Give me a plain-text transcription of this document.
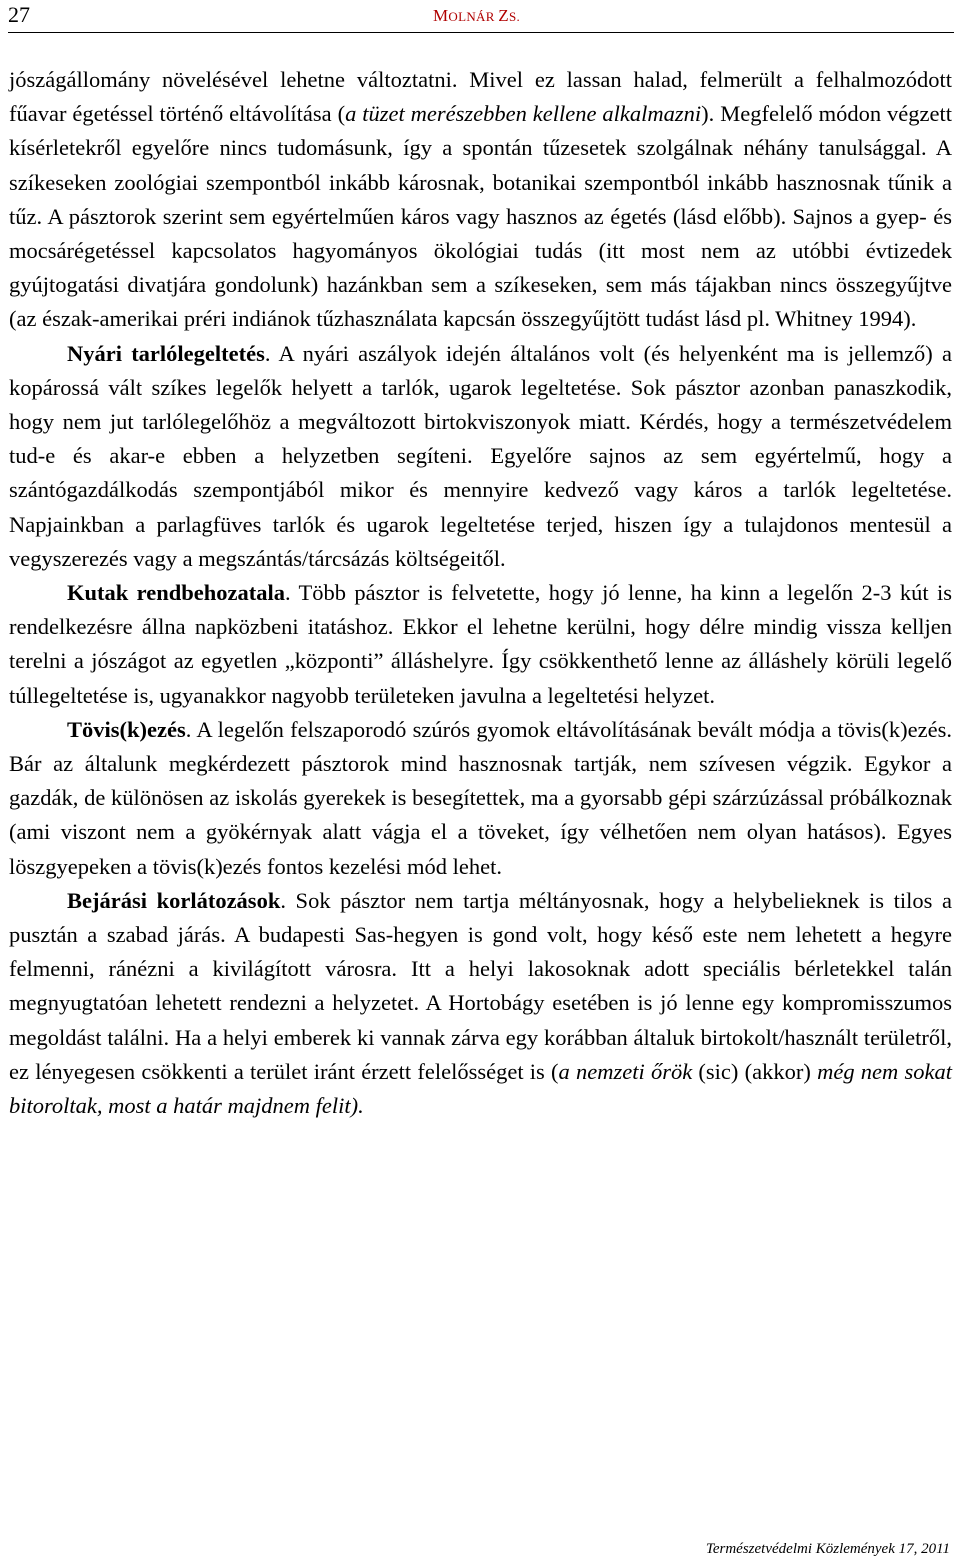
27	MOLNÁR ZS.

jószágállomány növelésével lehetne változtatni. Mivel ez lassan halad, felmerült a felhalmozódott fűavar égetéssel történő eltávolítása (a tüzet merészebben kellene alkalmazni). Megfelelő módon végzett kísérletekről egyelőre nincs tudomásunk, így a spontán tűzesetek szolgálnak néhány tanulsággal. A szíkeseken zoológiai szempontból inkább károsnak, botanikai szempontból inkább hasznosnak tűnik a tűz. A pásztorok szerint sem egyértelműen káros vagy hasznos az égetés (lásd előbb). Sajnos a gyep- és mocsárégetéssel kapcsolatos hagyományos ökológiai tudás (itt most nem az utóbbi évtizedek gyújtogatási divatjára gondolunk) hazánkban sem a szíkeseken, sem más tájakban nincs összegyűjtve (az észak-amerikai préri indiánok tűzhasználata kapcsán összegyűjtött tudást lásd pl. Whitney 1994).

Nyári tarlólegeltetés. A nyári aszályok idején általános volt (és helyenként ma is jellemző) a kopárossá vált szíkes legelők helyett a tarlók, ugarok legeltetése. Sok pásztor azonban panaszkodik, hogy nem jut tarlólegelőhöz a megváltozott birtokviszonyok miatt. Kérdés, hogy a természetvédelem tud-e és akar-e ebben a helyzetben segíteni. Egyelőre sajnos az sem egyértelmű, hogy a szántógazdálkodás szempontjából mikor és mennyire kedvező vagy káros a tarlók legeltetése. Napjainkban a parlagfüves tarlók és ugarok legeltetése terjed, hiszen így a tulajdonos mentesül a vegyszerezés vagy a megszántás/tárcsázás költségeitől.

Kutak rendbehozatala. Több pásztor is felvetette, hogy jó lenne, ha kinn a legelőn 2-3 kút is rendelkezésre állna napközbeni itatáshoz. Ekkor el lehetne kerülni, hogy délre mindig vissza kelljen terelni a jószágot az egyetlen „központi” álláshelyre. Így csökkenthető lenne az álláshely körüli legelő túllegeltetése is, ugyanakkor nagyobb területeken javulna a legeltetési helyzet.

Tövis(k)ezés. A legelőn felszaporodó szúrós gyomok eltávolításának bevált módja a tövis(k)ezés. Bár az általunk megkérdezett pásztorok mind hasznosnak tartják, nem szívesen végzik. Egykor a gazdák, de különösen az iskolás gyerekek is besegítettek, ma a gyorsabb gépi szárzúzással próbálkoznak (ami viszont nem a gyökérnyak alatt vágja el a töveket, így vélhetően nem olyan hatásos). Egyes löszgyepeken a tövis(k)ezés fontos kezelési mód lehet.

Bejárási korlátozások. Sok pásztor nem tartja méltányosnak, hogy a helybelieknek is tilos a pusztán a szabad járás. A budapesti Sas-hegyen is gond volt, hogy késő este nem lehetett a hegyre felmenni, ránézni a kivilágított városra. Itt a helyi lakosoknak adott speciális bérletekkel talán megnyugtatóan lehetett rendezni a helyzetet. A Hortobágy esetében is jó lenne egy kompromisszumos megoldást találni. Ha a helyi emberek ki vannak zárva egy korábban általuk birtokolt/használt területről, ez lényegesen csökkenti a terület iránt érzett felelősséget is (a nemzeti őrök (sic) (akkor) még nem sokat bitoroltak, most a határ majdnem felit).

Természetvédelmi Közlemények 17, 2011
